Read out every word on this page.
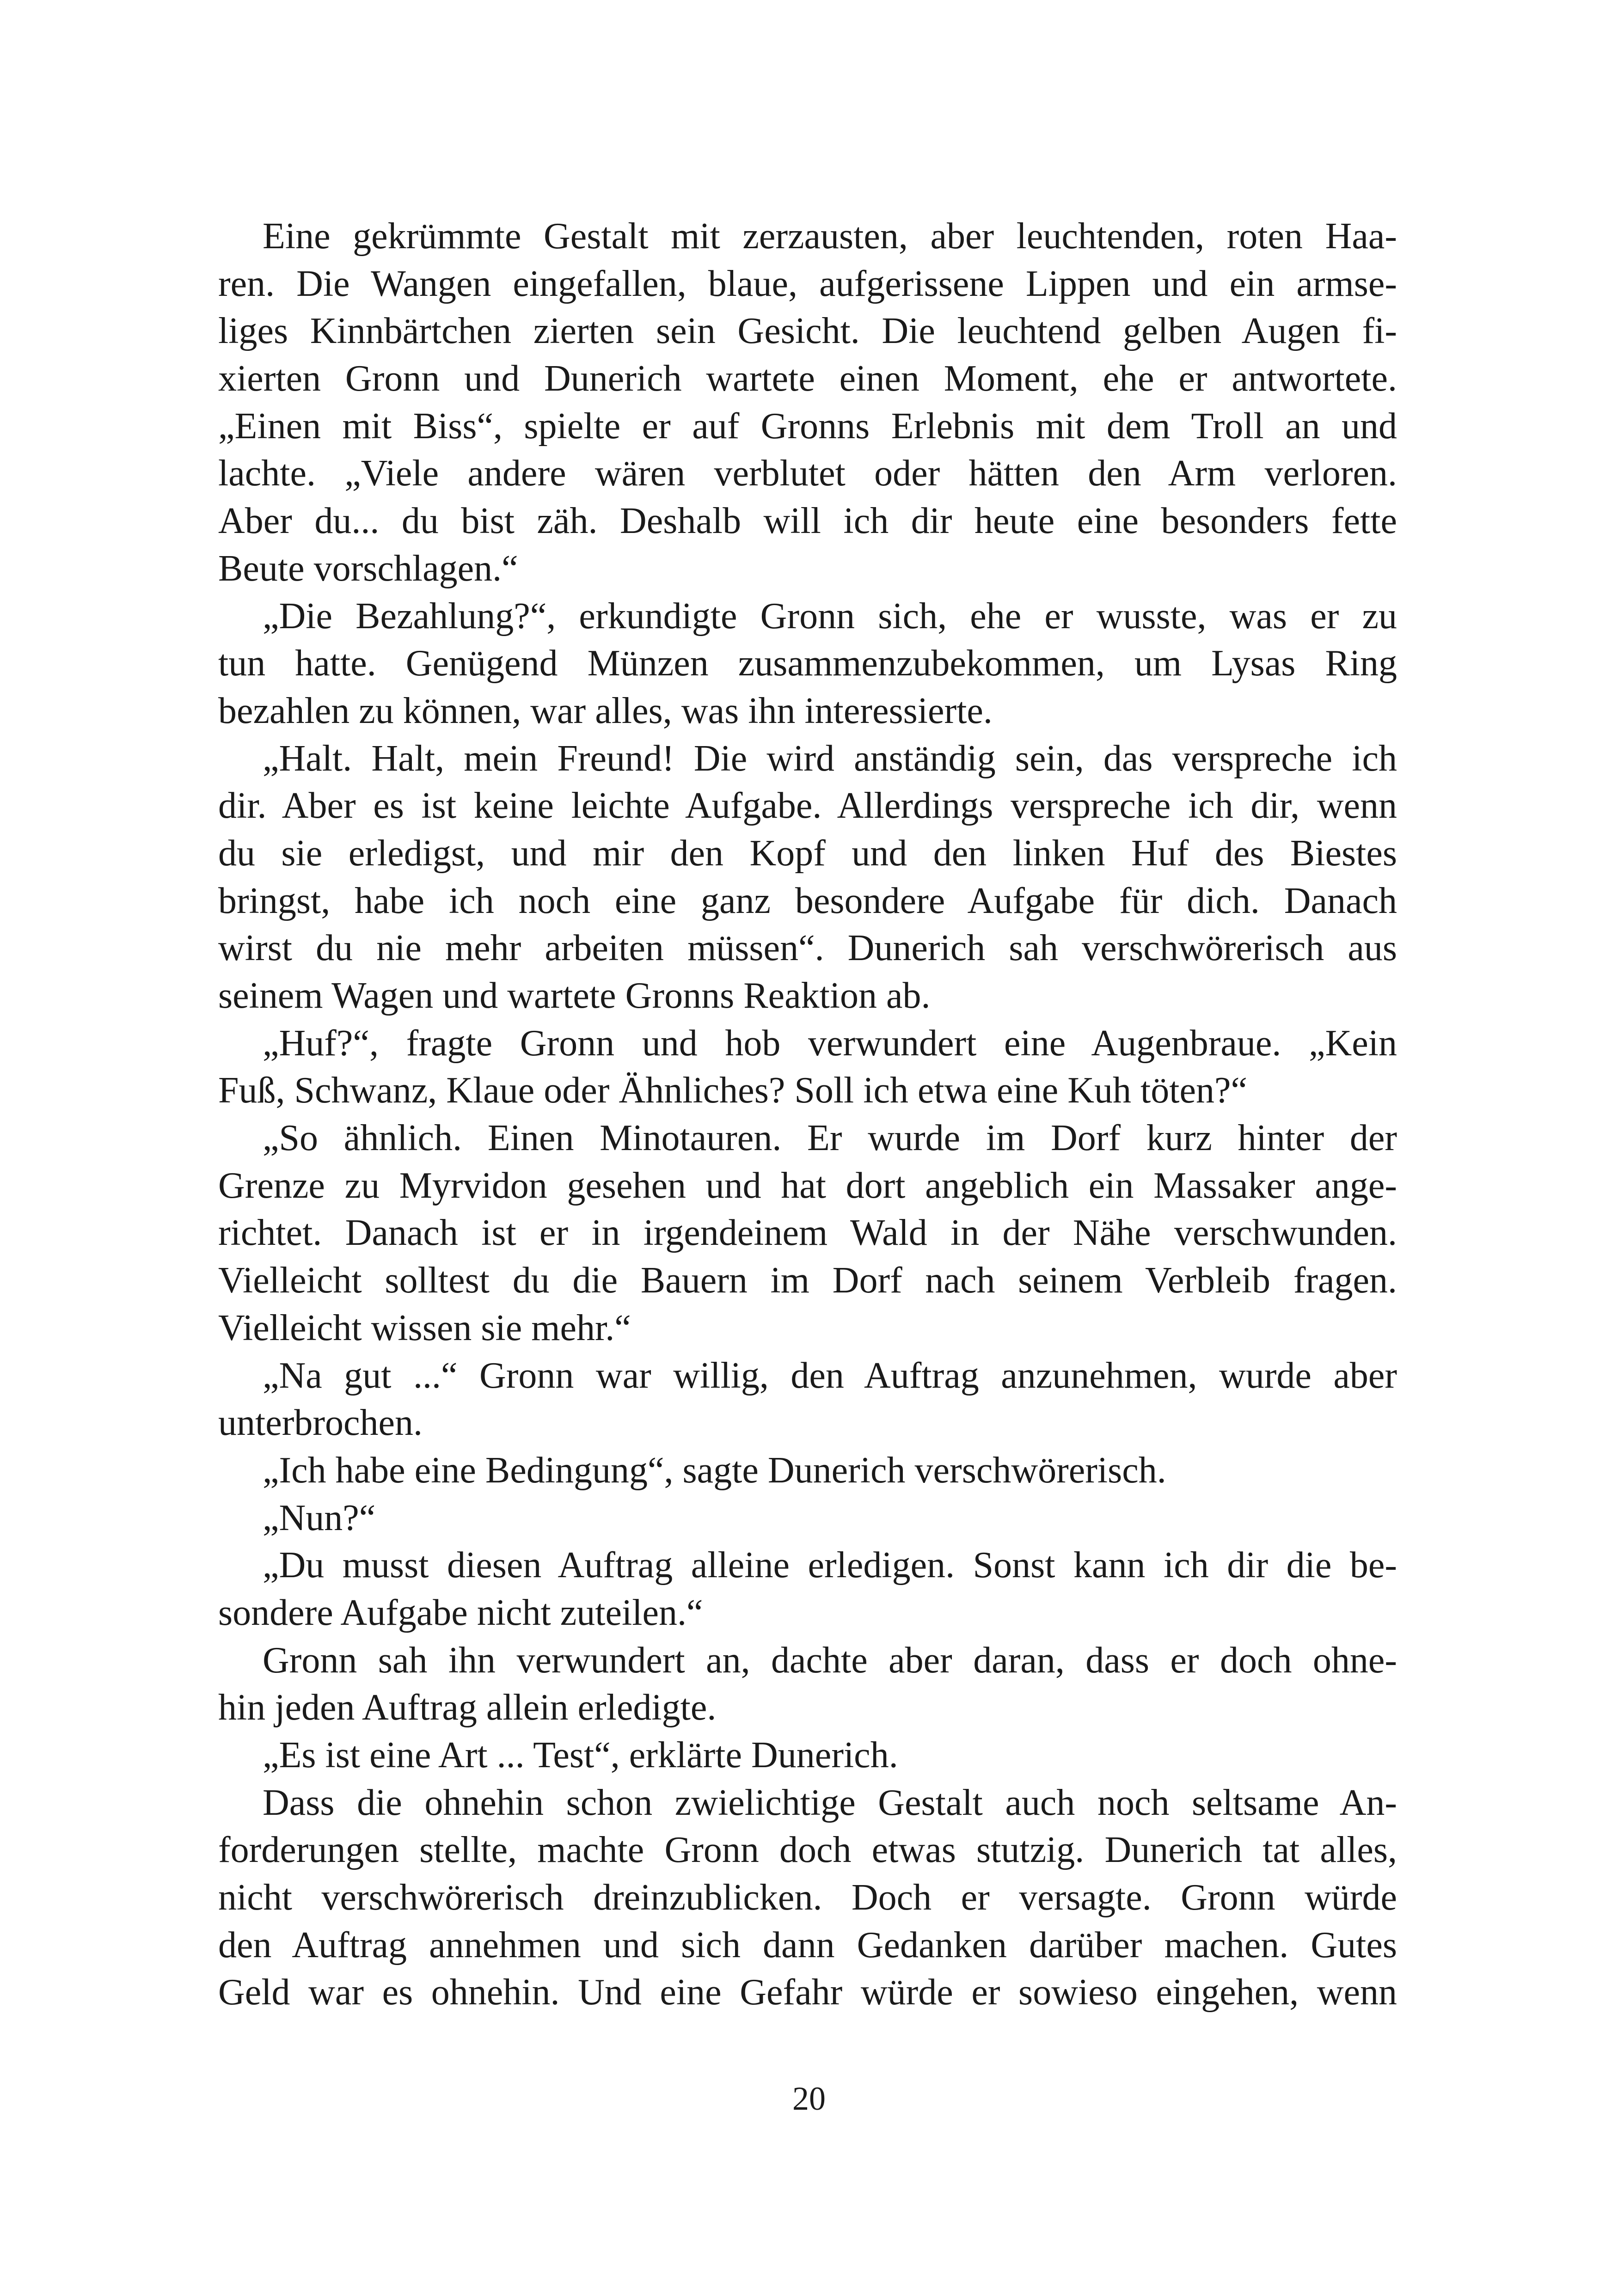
Eine gekrümmte Gestalt mit zerzausten, aber leuchtenden, roten Haa-
ren. Die Wangen eingefallen, blaue, aufgerissene Lippen und ein armse-
liges Kinnbärtchen zierten sein Gesicht. Die leuchtend gelben Augen fi-
xierten Gronn und Dunerich wartete einen Moment, ehe er antwortete.
„Einen mit Biss“, spielte er auf Gronns Erlebnis mit dem Troll an und
lachte. „Viele andere wären verblutet oder hätten den Arm verloren.
Aber du... du bist zäh. Deshalb will ich dir heute eine besonders fette
Beute vorschlagen.“
„Die Bezahlung?“, erkundigte Gronn sich, ehe er wusste, was er zu
tun hatte. Genügend Münzen zusammenzubekommen, um Lysas Ring
bezahlen zu können, war alles, was ihn interessierte.
„Halt. Halt, mein Freund! Die wird anständig sein, das verspreche ich
dir. Aber es ist keine leichte Aufgabe. Allerdings verspreche ich dir, wenn
du sie erledigst, und mir den Kopf und den linken Huf des Biestes
bringst, habe ich noch eine ganz besondere Aufgabe für dich. Danach
wirst du nie mehr arbeiten müssen“. Dunerich sah verschwörerisch aus
seinem Wagen und wartete Gronns Reaktion ab.
„Huf?“, fragte Gronn und hob verwundert eine Augenbraue. „Kein
Fuß, Schwanz, Klaue oder Ähnliches? Soll ich etwa eine Kuh töten?“
„So ähnlich. Einen Minotauren. Er wurde im Dorf kurz hinter der
Grenze zu Myrvidon gesehen und hat dort angeblich ein Massaker ange-
richtet. Danach ist er in irgendeinem Wald in der Nähe verschwunden.
Vielleicht solltest du die Bauern im Dorf nach seinem Verbleib fragen.
Vielleicht wissen sie mehr.“
„Na gut ...“ Gronn war willig, den Auftrag anzunehmen, wurde aber
unterbrochen.
„Ich habe eine Bedingung“, sagte Dunerich verschwörerisch.
„Nun?“
„Du musst diesen Auftrag alleine erledigen. Sonst kann ich dir die be-
sondere Aufgabe nicht zuteilen.“
Gronn sah ihn verwundert an, dachte aber daran, dass er doch ohne-
hin jeden Auftrag allein erledigte.
„Es ist eine Art ... Test“, erklärte Dunerich.
Dass die ohnehin schon zwielichtige Gestalt auch noch seltsame An-
forderungen stellte, machte Gronn doch etwas stutzig. Dunerich tat alles,
nicht verschwörerisch dreinzublicken. Doch er versagte. Gronn würde
den Auftrag annehmen und sich dann Gedanken darüber machen. Gutes
Geld war es ohnehin. Und eine Gefahr würde er sowieso eingehen, wenn
20
